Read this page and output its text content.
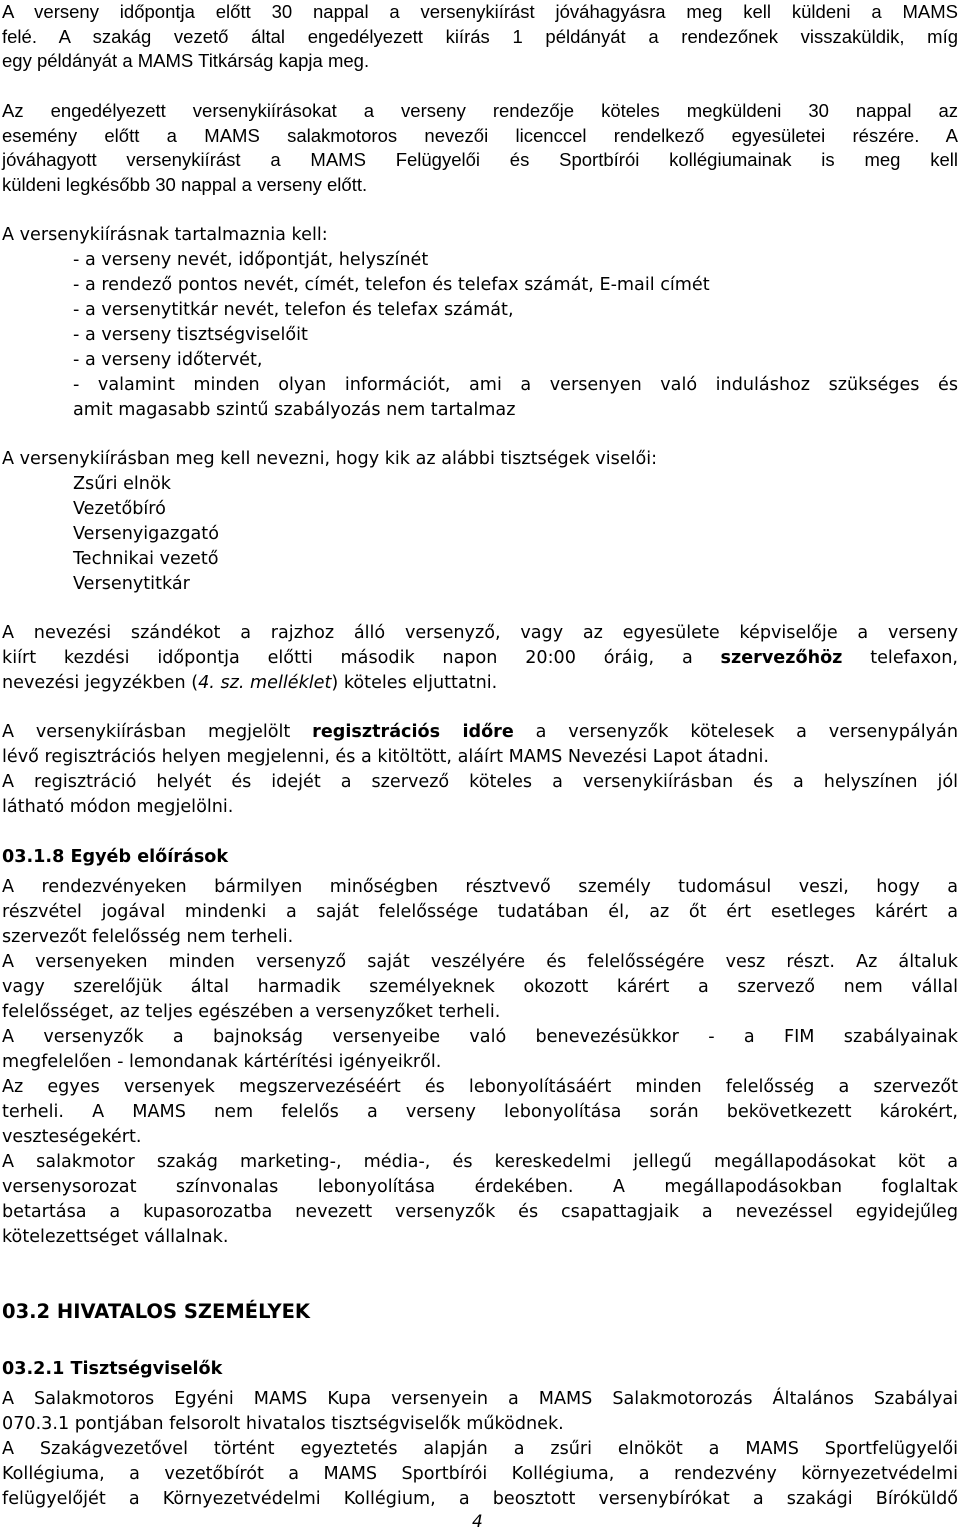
A verseny időpontja előtt 30 nappal a versenykiírást jóváhagyásra meg kell küldeni a MAMS
felé. A szakág vezető által engedélyezett kiírás 1 példányát a rendezőnek visszaküldik, míg
egy példányát a MAMS Titkárság kapja meg.
Az engedélyezett versenykiírásokat a verseny rendezője köteles megküldeni 30 nappal az
esemény előtt a MAMS salakmotoros nevezői licenccel rendelkező egyesületei részére. A
jóváhagyott versenykiírást a MAMS Felügyelői és Sportbírói kollégiumainak is meg kell
küldeni legkésőbb 30 nappal a verseny előtt.
A versenykiírásnak tartalmaznia kell:
- a verseny nevét, időpontját, helyszínét
- a rendező pontos nevét, címét, telefon és telefax számát, E-mail címét
- a versenytitkár nevét, telefon és telefax számát,
- a verseny tisztségviselőit
- a verseny időtervét,
- valamint minden olyan információt, ami a versenyen való induláshoz szükséges és
amit magasabb szintű szabályozás nem tartalmaz
A versenykiírásban meg kell nevezni, hogy kik az alábbi tisztségek viselői:
Zsűri elnök
Vezetőbíró
Versenyigazgató
Technikai vezető
Versenytitkár
A nevezési szándékot a rajzhoz álló versenyző, vagy az egyesülete képviselője a verseny
kiírt kezdési időpontja előtti második napon 20:00 óráig, a szervezőhöz telefaxon,
nevezési jegyzékben (4. sz. melléklet) köteles eljuttatni.
A versenykiírásban megjelölt regisztrációs időre a versenyzők kötelesek a versenypályán
lévő regisztrációs helyen megjelenni, és a kitöltött, aláírt MAMS Nevezési Lapot átadni.
A regisztráció helyét és idejét a szervező köteles a versenykiírásban és a helyszínen jól
látható módon megjelölni.
03.1.8 Egyéb előírások
A rendezvényeken bármilyen minőségben résztvevő személy tudomásul veszi, hogy a
részvétel jogával mindenki a saját felelőssége tudatában él, az őt ért esetleges kárért a
szervezőt felelősség nem terheli.
A versenyeken minden versenyző saját veszélyére és felelősségére vesz részt. Az általuk
vagy szerelőjük által harmadik személyeknek okozott kárért a szervező nem vállal
felelősséget, az teljes egészében a versenyzőket terheli.
A versenyzők a bajnokság versenyeibe való benevezésükkor - a FIM szabályainak
megfelelően - lemondanak kártérítési igényeikről.
Az egyes versenyek megszervezéséért és lebonyolításáért minden felelősség a szervezőt
terheli. A MAMS nem felelős a verseny lebonyolítása során bekövetkezett károkért,
veszteségekért.
A salakmotor szakág marketing-, média-, és kereskedelmi jellegű megállapodásokat köt a
versenysorozat színvonalas lebonyolítása érdekében. A megállapodásokban foglaltak
betartása a kupasorozatba nevezett versenyzők és csapattagjaik a nevezéssel egyidejűleg
kötelezettséget vállalnak.
03.2 HIVATALOS SZEMÉLYEK
03.2.1 Tisztségviselők
A Salakmotoros Egyéni MAMS Kupa versenyein a MAMS Salakmotorozás Általános Szabályai
070.3.1 pontjában felsorolt hivatalos tisztségviselők működnek.
A Szakágvezetővel történt egyeztetés alapján a zsűri elnököt a MAMS Sportfelügyelői
Kollégiuma, a vezetőbírót a MAMS Sportbírói Kollégiuma, a rendezvény környezetvédelmi
felügyelőjét a Környezetvédelmi Kollégium, a beosztott versenybírókat a szakági Bíróküldő
4
